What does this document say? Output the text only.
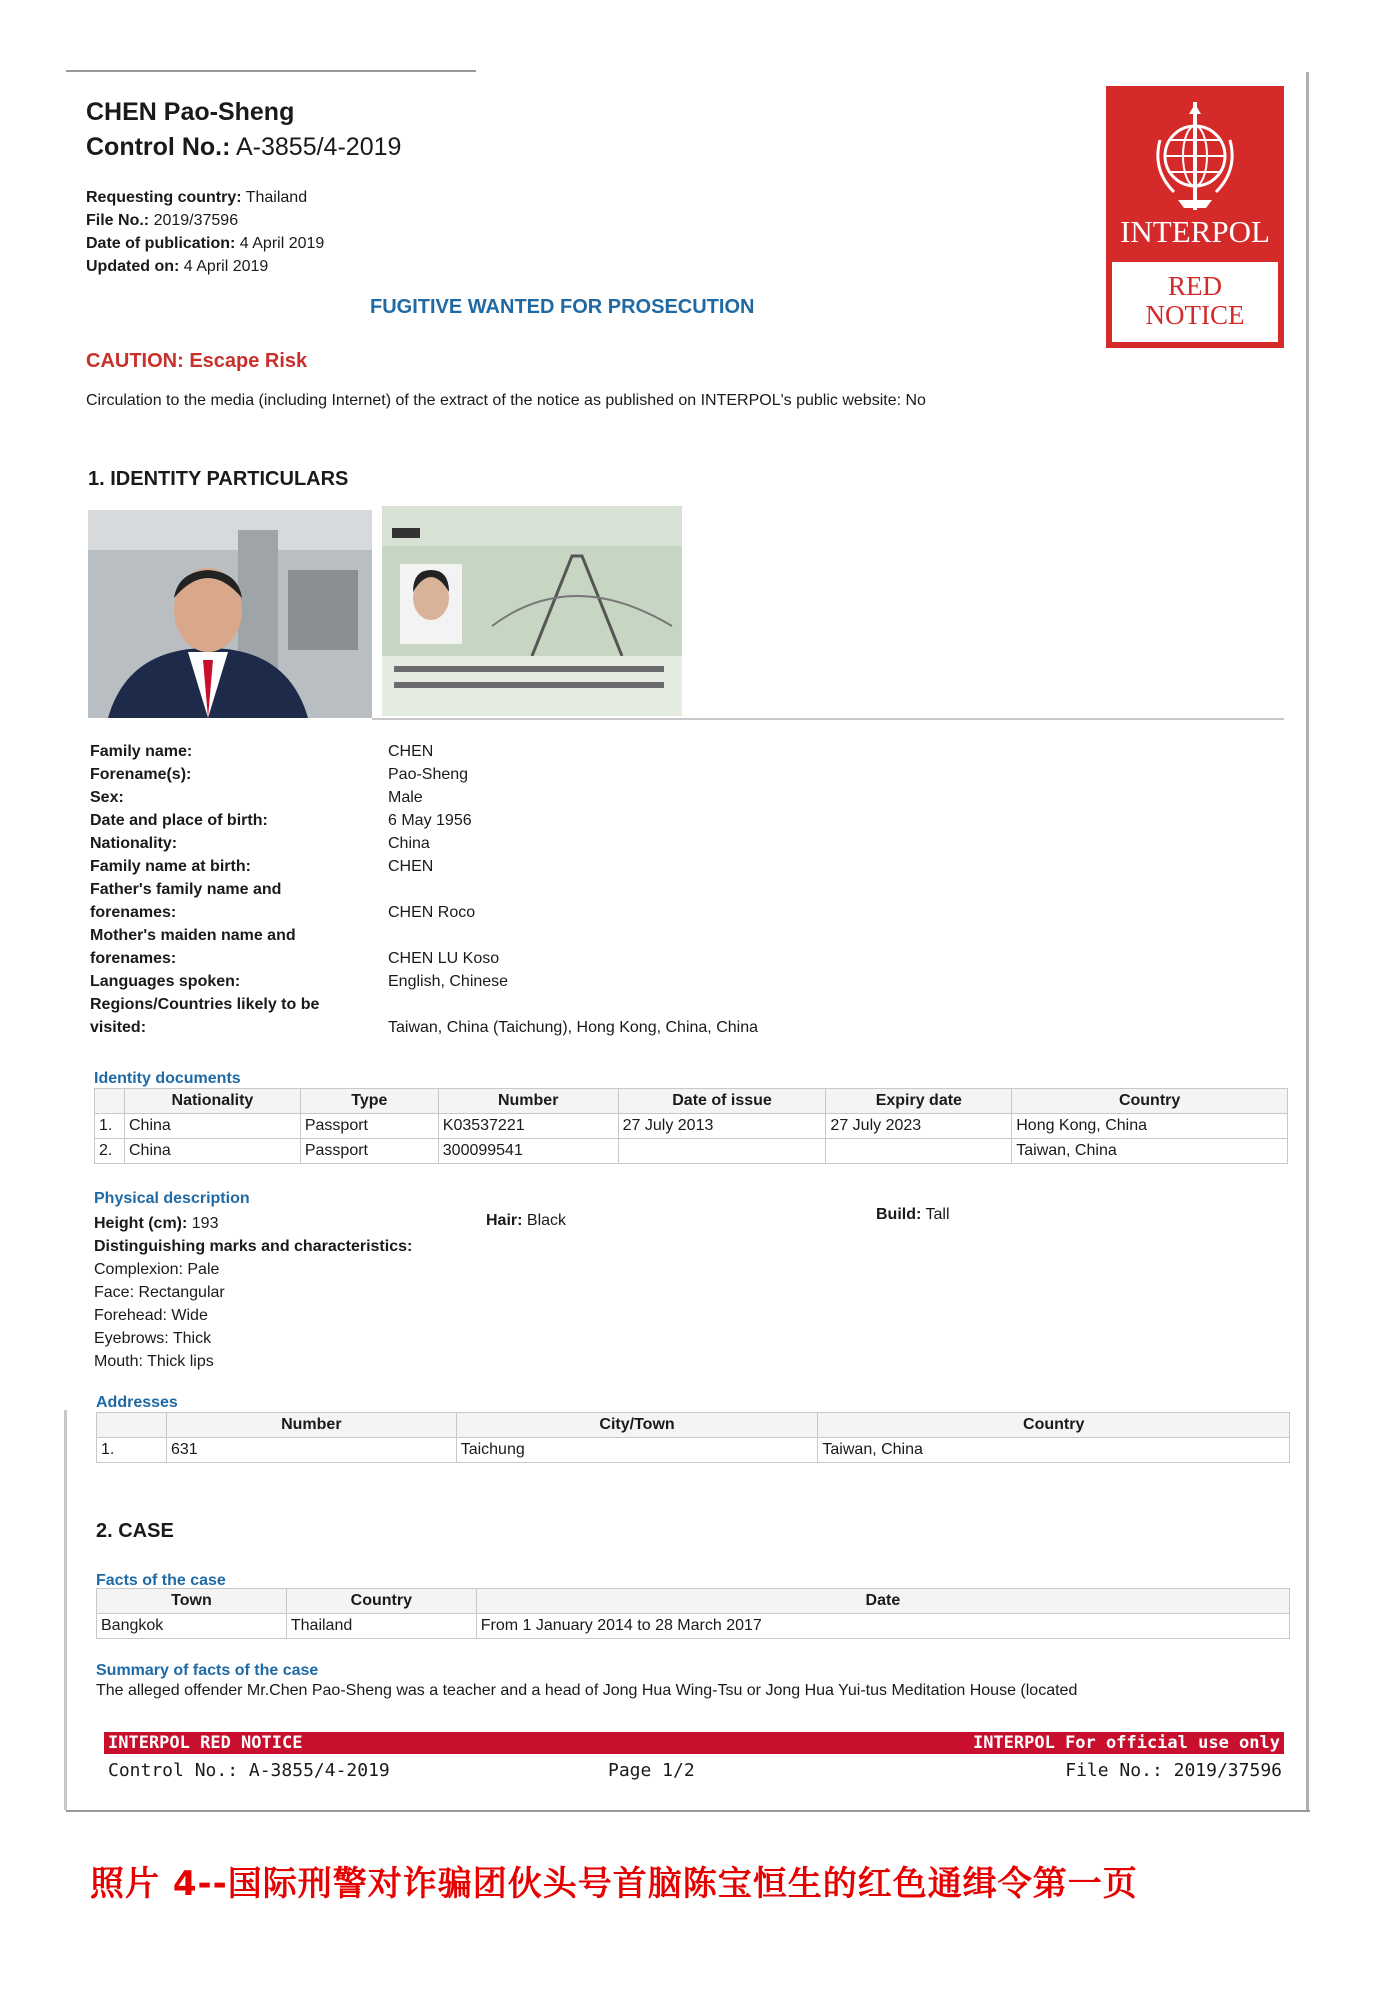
CHEN Pao-Sheng
Control No.: A-3855/4-2019
Requesting country: Thailand
File No.: 2019/37596
Date of publication: 4 April 2019
Updated on: 4 April 2019
INTERPOL
RED
NOTICE
FUGITIVE WANTED FOR PROSECUTION
CAUTION: Escape Risk
Circulation to the media (including Internet) of the extract of the notice as published on INTERPOL's public website: No
1. IDENTITY PARTICULARS
Family name:	CHEN
Forename(s):	Pao-Sheng
Sex:	Male
Date and place of birth:	6 May 1956
Nationality:	China
Family name at birth:	CHEN
Father's family name and
forenames:	CHEN Roco
Mother's maiden name and
forenames:	CHEN LU Koso
Languages spoken:	English, Chinese
Regions/Countries likely to be
visited:	Taiwan, China (Taichung), Hong Kong, China, China
Identity documents
	Nationality	Type	Number	Date of issue	Expiry date	Country
1.	China	Passport	K03537221	27 July 2013	27 July 2023	Hong Kong, China
2.	China	Passport	300099541			Taiwan, China
Physical description
Height (cm): 193
Distinguishing marks and characteristics:
Complexion: Pale
Face: Rectangular
Forehead: Wide
Eyebrows: Thick
Mouth: Thick lips
Hair: Black	Build: Tall
Addresses
	Number	City/Town	Country
1.	631	Taichung	Taiwan, China
2. CASE
Facts of the case
Town	Country	Date
Bangkok	Thailand	From 1 January 2014 to 28 March 2017
Summary of facts of the case
The alleged offender Mr.Chen Pao-Sheng was a teacher and a head of Jong Hua Wing-Tsu or Jong Hua Yui-tus Meditation House (located
INTERPOL RED NOTICE	INTERPOL For official use only
Control No.: A-3855/4-2019	Page 1/2	File No.: 2019/37596
照片 4--国际刑警对诈骗团伙头号首脑陈宝恒生的红色通缉令第一页
